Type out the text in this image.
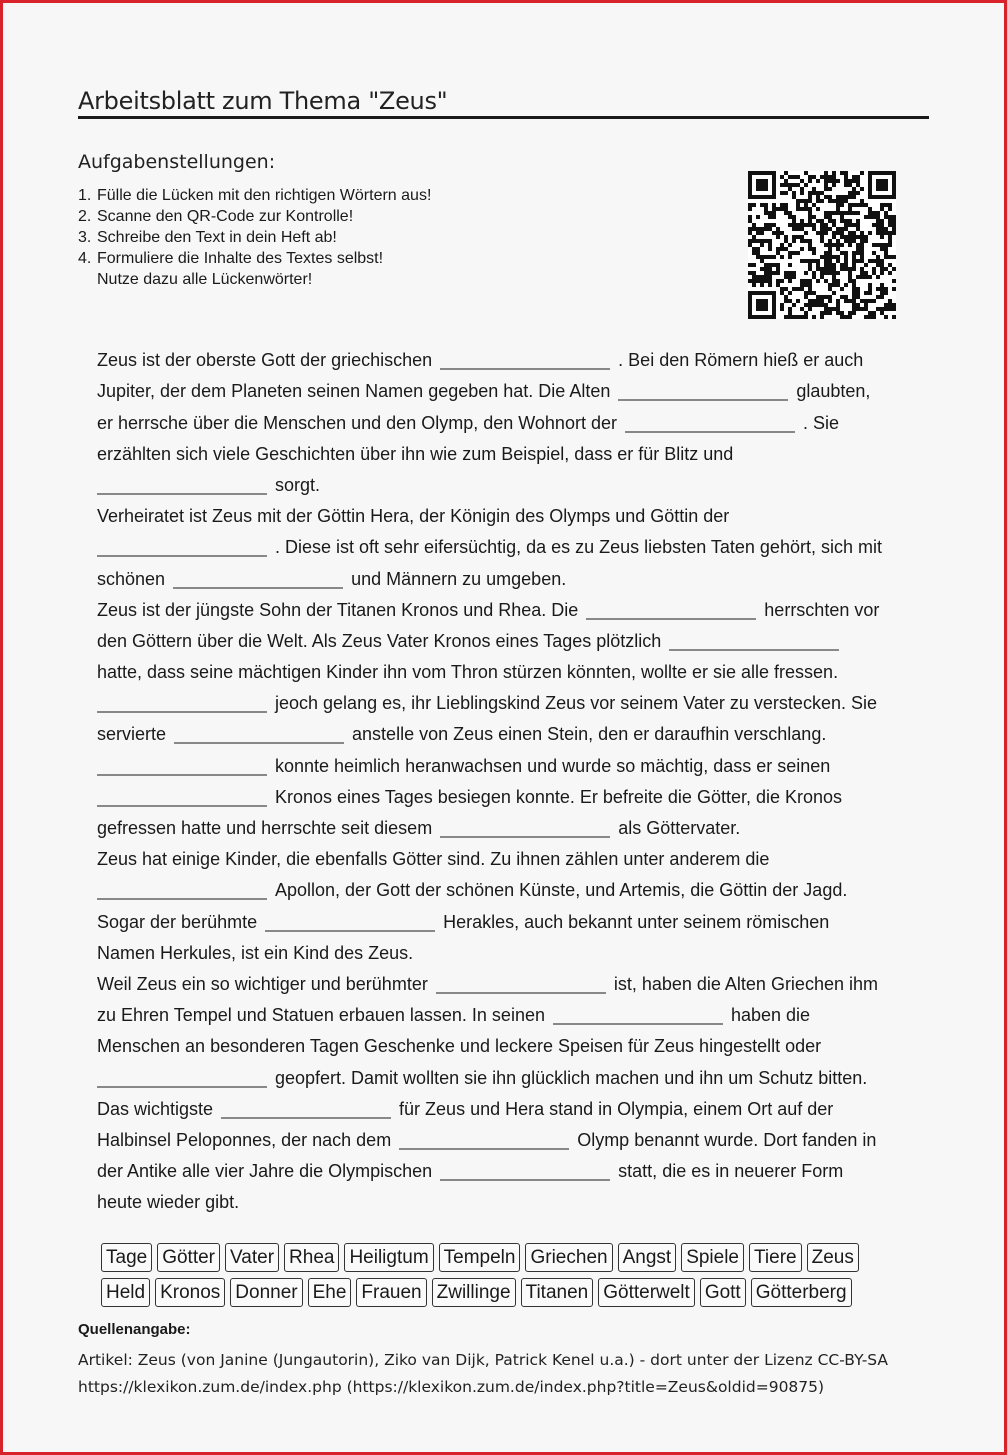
Arbeitsblatt zum Thema "Zeus"
Aufgabenstellungen:
1. Fülle die Lücken mit den richtigen Wörtern aus!
2. Scanne den QR-Code zur Kontrolle!
3. Schreibe den Text in dein Heft ab!
4. Formuliere die Inhalte des Textes selbst!
Nutze dazu alle Lückenwörter!
Zeus ist der oberste Gott der griechischen	. Bei den Römern hieß er auch
Jupiter, der dem Planeten seinen Namen gegeben hat. Die Alten	glaubten,
er herrsche über die Menschen und den Olymp, den Wohnort der	. Sie
erzählten sich viele Geschichten über ihn wie zum Beispiel, dass er für Blitz und
sorgt.
Verheiratet ist Zeus mit der Göttin Hera, der Königin des Olymps und Göttin der
. Diese ist oft sehr eifersüchtig, da es zu Zeus liebsten Taten gehört, sich mit
schönen	und Männern zu umgeben.
Zeus ist der jüngste Sohn der Titanen Kronos und Rhea. Die	herrschten vor
den Göttern über die Welt. Als Zeus Vater Kronos eines Tages plötzlich
hatte, dass seine mächtigen Kinder ihn vom Thron stürzen könnten, wollte er sie alle fressen.
jeoch gelang es, ihr Lieblingskind Zeus vor seinem Vater zu verstecken. Sie
servierte	anstelle von Zeus einen Stein, den er daraufhin verschlang.
konnte heimlich heranwachsen und wurde so mächtig, dass er seinen
Kronos eines Tages besiegen konnte. Er befreite die Götter, die Kronos
gefressen hatte und herrschte seit diesem	als Göttervater.
Zeus hat einige Kinder, die ebenfalls Götter sind. Zu ihnen zählen unter anderem die
Apollon, der Gott der schönen Künste, und Artemis, die Göttin der Jagd.
Sogar der berühmte	Herakles, auch bekannt unter seinem römischen
Namen Herkules, ist ein Kind des Zeus.
Weil Zeus ein so wichtiger und berühmter	ist, haben die Alten Griechen ihm
zu Ehren Tempel und Statuen erbauen lassen. In seinen	haben die
Menschen an besonderen Tagen Geschenke und leckere Speisen für Zeus hingestellt oder
geopfert. Damit wollten sie ihn glücklich machen und ihn um Schutz bitten.
Das wichtigste	für Zeus und Hera stand in Olympia, einem Ort auf der
Halbinsel Peloponnes, der nach dem	Olymp benannt wurde. Dort fanden in
der Antike alle vier Jahre die Olympischen	statt, die es in neuerer Form
heute wieder gibt.
Tage Götter Vater Rhea Heiligtum Tempeln Griechen Angst Spiele Tiere Zeus
Held Kronos Donner Ehe Frauen Zwillinge Titanen Götterwelt Gott Götterberg
Quellenangabe:
Artikel: Zeus (von Janine (Jungautorin), Ziko van Dijk, Patrick Kenel u.a.) - dort unter der Lizenz CC-BY-SA
https://klexikon.zum.de/index.php (https://klexikon.zum.de/index.php?title=Zeus&oldid=90875)
